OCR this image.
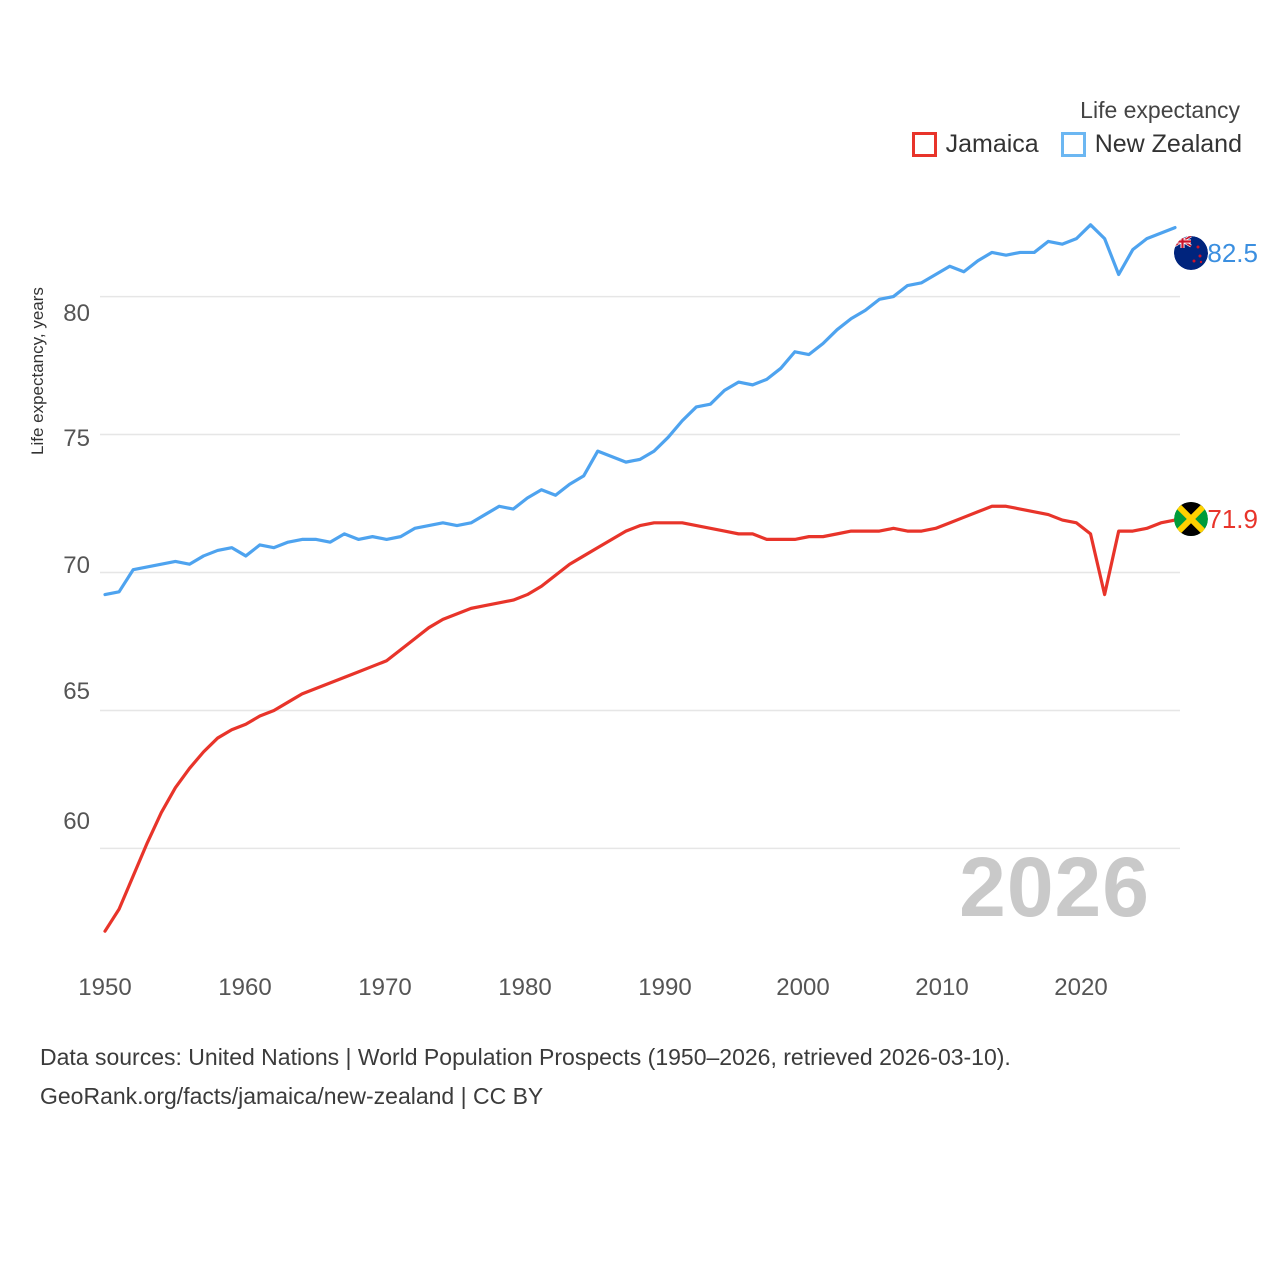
Life expectancy
Jamaica New Zealand
Life expectancy, years
60
65
70
75
80
1950	1960	1970	1980	1990	2000	2010	2020
2026
82.5
71.9
Data sources: United Nations | World Population Prospects (1950–2026, retrieved 2026-03-10).
GeoRank.org/facts/jamaica/new-zealand | CC BY
